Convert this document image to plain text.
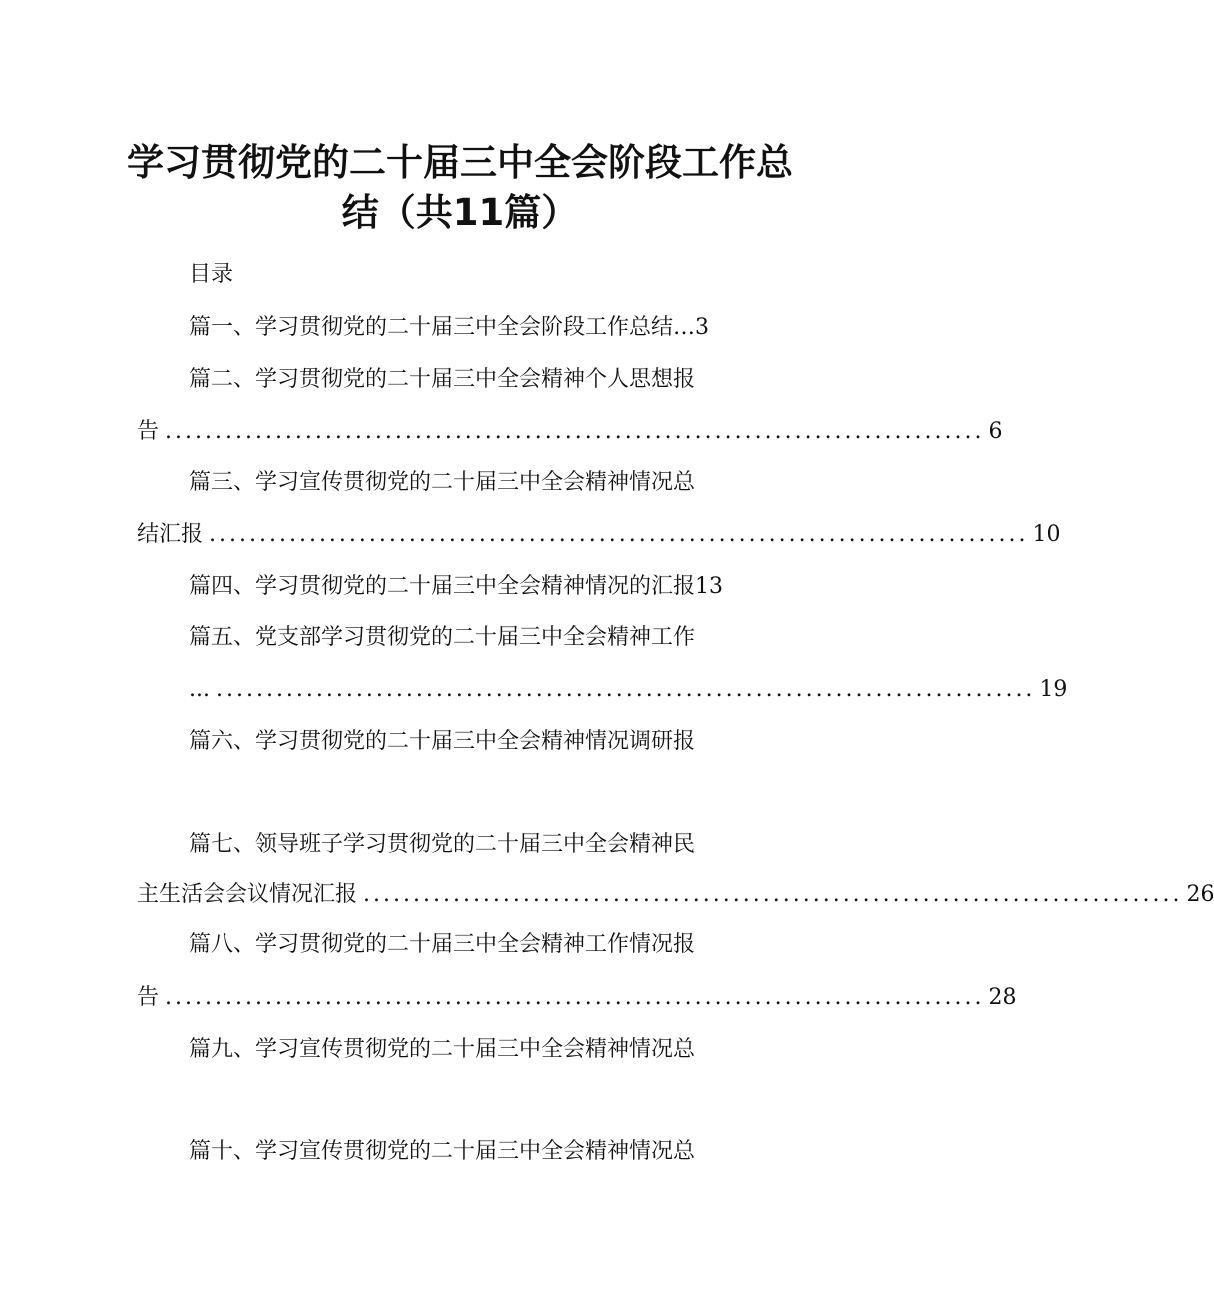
学习贯彻党的二十届三中全会阶段工作总
结（共11篇）
目录
篇一、学习贯彻党的二十届三中全会阶段工作总结…3
篇二、学习贯彻党的二十届三中全会精神个人思想报
告 .................................................................................. 6
篇三、学习宣传贯彻党的二十届三中全会精神情况总
结汇报 .................................................................................. 10
篇四、学习贯彻党的二十届三中全会精神情况的汇报13
篇五、党支部学习贯彻党的二十届三中全会精神工作
... .................................................................................. 19
篇六、学习贯彻党的二十届三中全会精神情况调研报
篇七、领导班子学习贯彻党的二十届三中全会精神民
主生活会会议情况汇报 .................................................................................. 26
篇八、学习贯彻党的二十届三中全会精神工作情况报
告 .................................................................................. 28
篇九、学习宣传贯彻党的二十届三中全会精神情况总
篇十、学习宣传贯彻党的二十届三中全会精神情况总
